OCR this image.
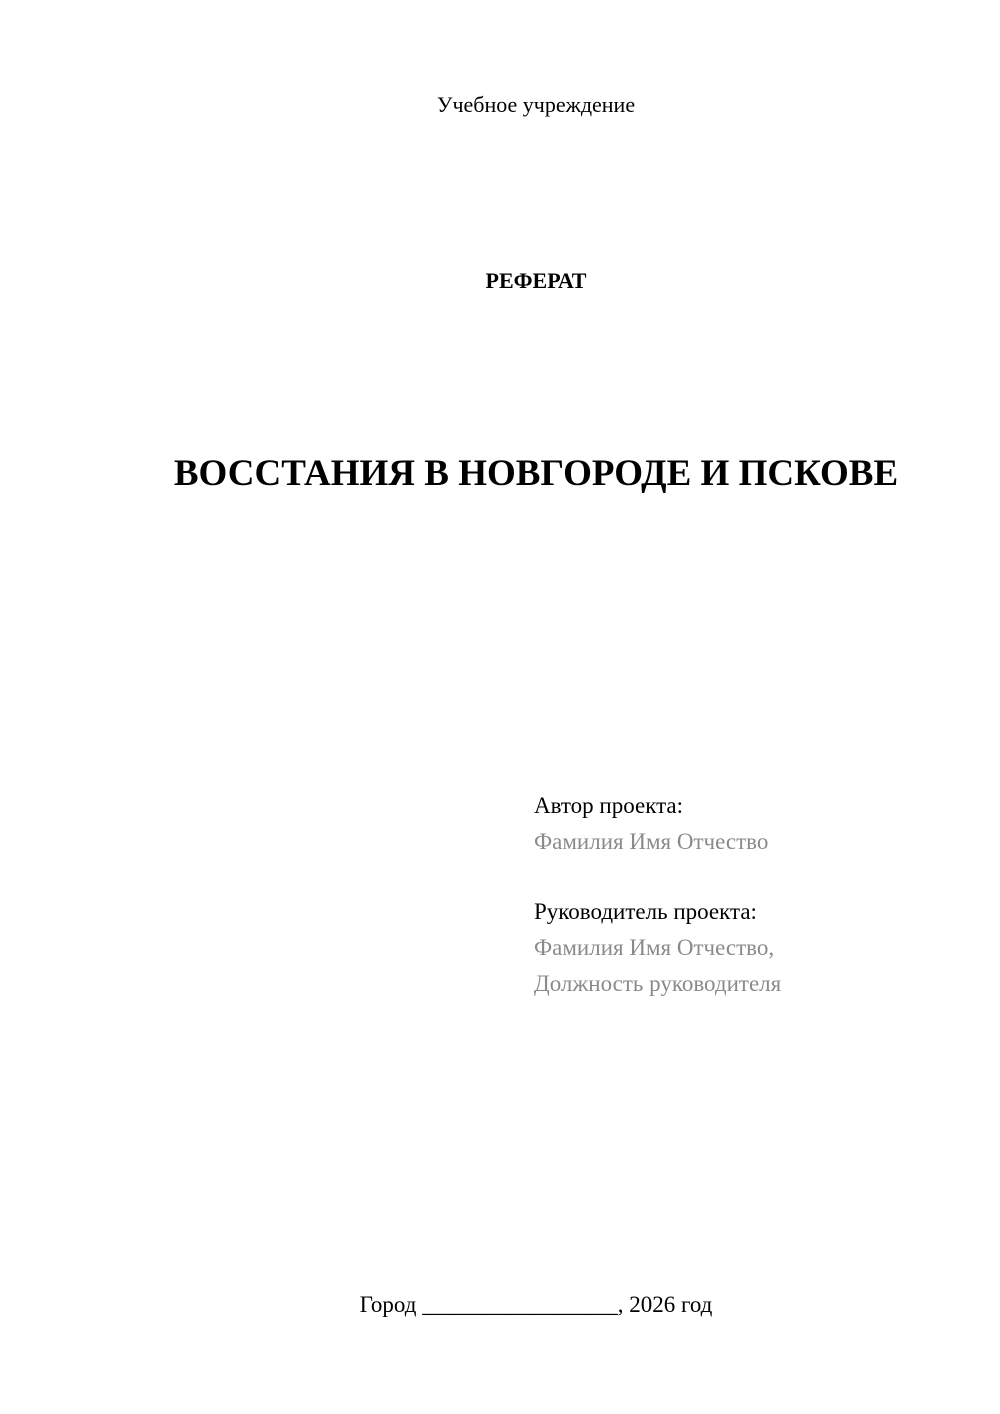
Учебное учреждение
РЕФЕРАТ
ВОССТАНИЯ В НОВГОРОДЕ И ПСКОВЕ
Автор проекта:
Фамилия Имя Отчество
Руководитель проекта:
Фамилия Имя Отчество,
Должность руководителя
Город _________________, 2026 год
